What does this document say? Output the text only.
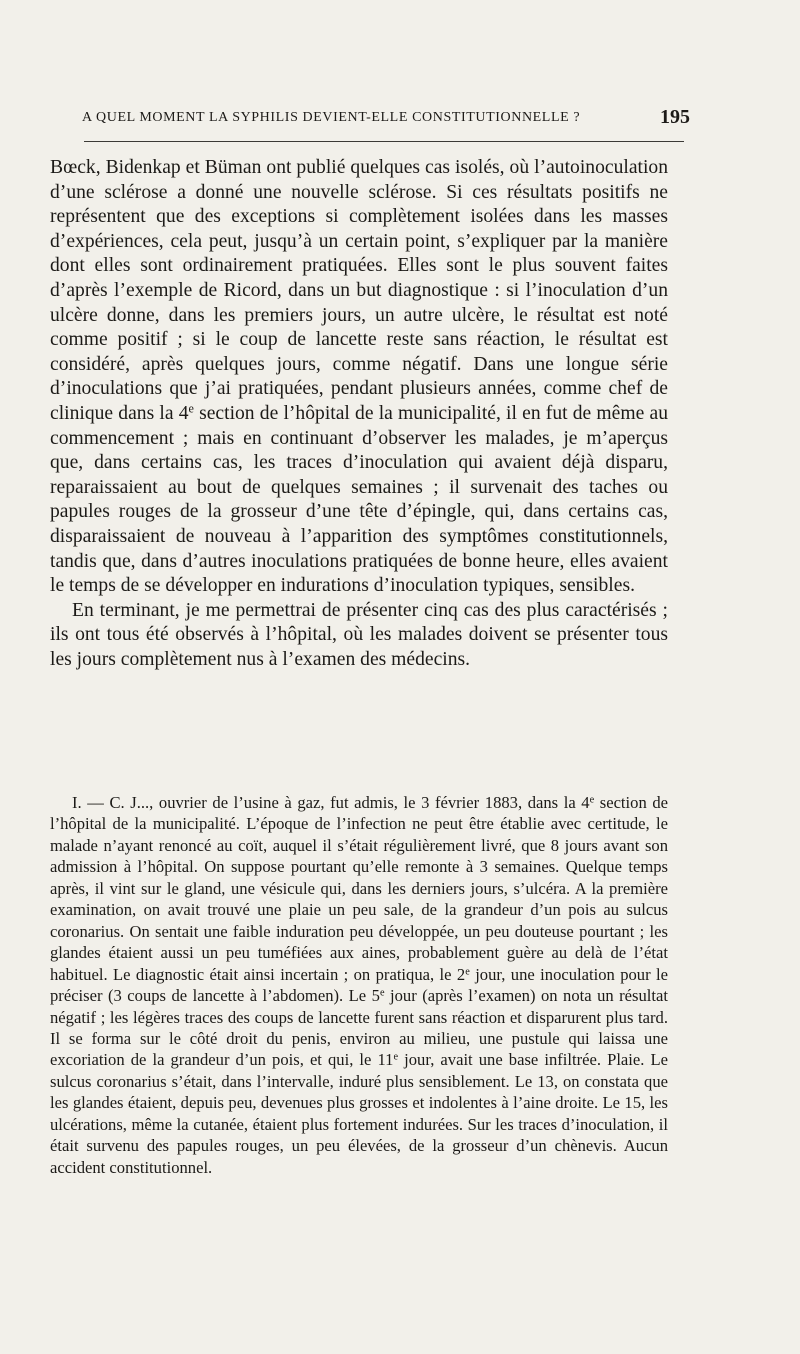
A QUEL MOMENT LA SYPHILIS DEVIENT-ELLE CONSTITUTIONNELLE ?	195

Bœck, Bidenkap et Büman ont publié quelques cas isolés, où l’autoinoculation d’une sclérose a donné une nouvelle sclérose. Si ces résultats positifs ne représentent que des exceptions si complètement isolées dans les masses d’expériences, cela peut, jusqu’à un certain point, s’expliquer par la manière dont elles sont ordinairement pratiquées. Elles sont le plus souvent faites d’après l’exemple de Ricord, dans un but diagnostique : si l’inoculation d’un ulcère donne, dans les premiers jours, un autre ulcère, le résultat est noté comme positif ; si le coup de lancette reste sans réaction, le résultat est considéré, après quelques jours, comme négatif. Dans une longue série d’inoculations que j’ai pratiquées, pendant plusieurs années, comme chef de clinique dans la 4e section de l’hôpital de la municipalité, il en fut de même au commencement ; mais en continuant d’observer les malades, je m’aperçus que, dans certains cas, les traces d’inoculation qui avaient déjà disparu, reparaissaient au bout de quelques semaines ; il survenait des taches ou papules rouges de la grosseur d’une tête d’épingle, qui, dans certains cas, disparaissaient de nouveau à l’apparition des symptômes constitutionnels, tandis que, dans d’autres inoculations pratiquées de bonne heure, elles avaient le temps de se développer en indurations d’inoculation typiques, sensibles.

En terminant, je me permettrai de présenter cinq cas des plus caractérisés ; ils ont tous été observés à l’hôpital, où les malades doivent se présenter tous les jours complètement nus à l’examen des médecins.

I. — C. J..., ouvrier de l’usine à gaz, fut admis, le 3 février 1883, dans la 4e section de l’hôpital de la municipalité. L’époque de l’infection ne peut être établie avec certitude, le malade n’ayant renoncé au coït, auquel il s’était régulièrement livré, que 8 jours avant son admission à l’hôpital. On suppose pourtant qu’elle remonte à 3 semaines. Quelque temps après, il vint sur le gland, une vésicule qui, dans les derniers jours, s’ulcéra. A la première examination, on avait trouvé une plaie un peu sale, de la grandeur d’un pois au sulcus coronarius. On sentait une faible induration peu développée, un peu douteuse pourtant ; les glandes étaient aussi un peu tuméfiées aux aines, probablement guère au delà de l’état habituel. Le diagnostic était ainsi incertain ; on pratiqua, le 2e jour, une inoculation pour le préciser (3 coups de lancette à l’abdomen). Le 5e jour (après l’examen) on nota un résultat négatif ; les légères traces des coups de lancette furent sans réaction et disparurent plus tard. Il se forma sur le côté droit du penis, environ au milieu, une pustule qui laissa une excoriation de la grandeur d’un pois, et qui, le 11e jour, avait une base infiltrée. Plaie. Le sulcus coronarius s’était, dans l’intervalle, induré plus sensiblement. Le 13, on constata que les glandes étaient, depuis peu, devenues plus grosses et indolentes à l’aine droite. Le 15, les ulcérations, même la cutanée, étaient plus fortement indurées. Sur les traces d’inoculation, il était survenu des papules rouges, un peu élevées, de la grosseur d’un chènevis. Aucun accident constitutionnel.
